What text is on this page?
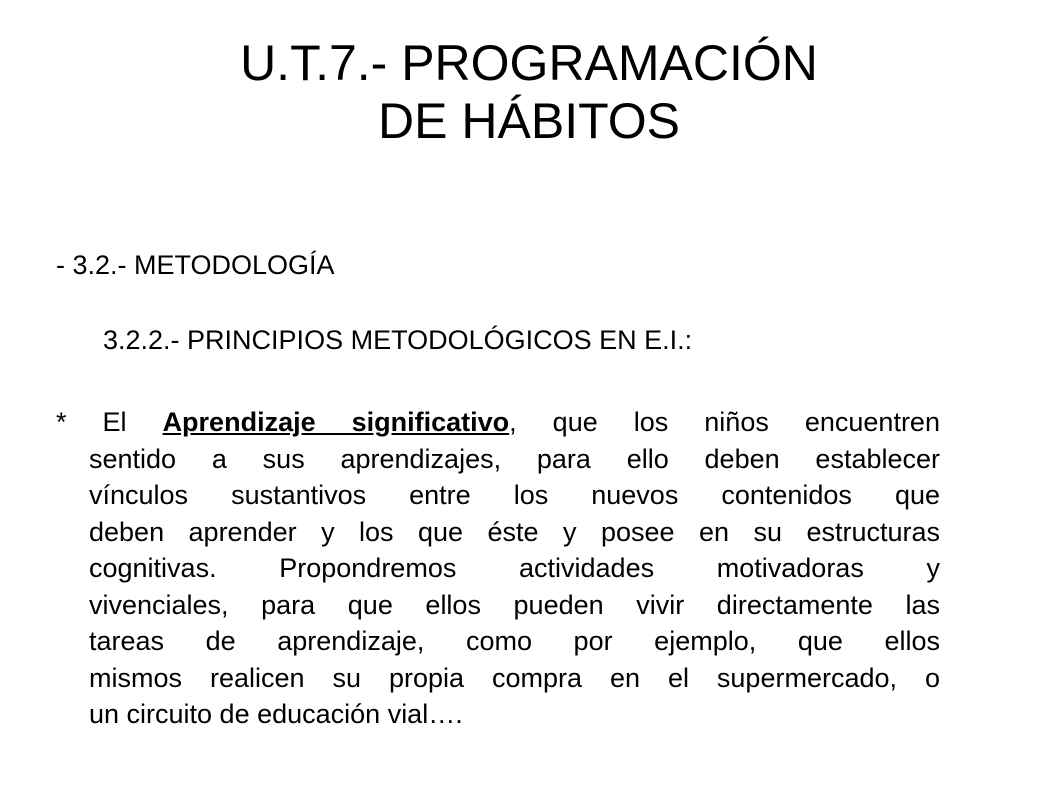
U.T.7.- PROGRAMACIÓN
DE HÁBITOS
- 3.2.- METODOLOGÍA
3.2.2.- PRINCIPIOS METODOLÓGICOS EN E.I.:
* El Aprendizaje significativo, que los niños encuentren
sentido a sus aprendizajes, para ello deben establecer
vínculos sustantivos entre los nuevos contenidos que
deben aprender y los que éste y posee en su estructuras
cognitivas. Propondremos actividades motivadoras y
vivenciales, para que ellos pueden vivir directamente las
tareas de aprendizaje, como por ejemplo, que ellos
mismos realicen su propia compra en el supermercado, o
un circuito de educación vial….
